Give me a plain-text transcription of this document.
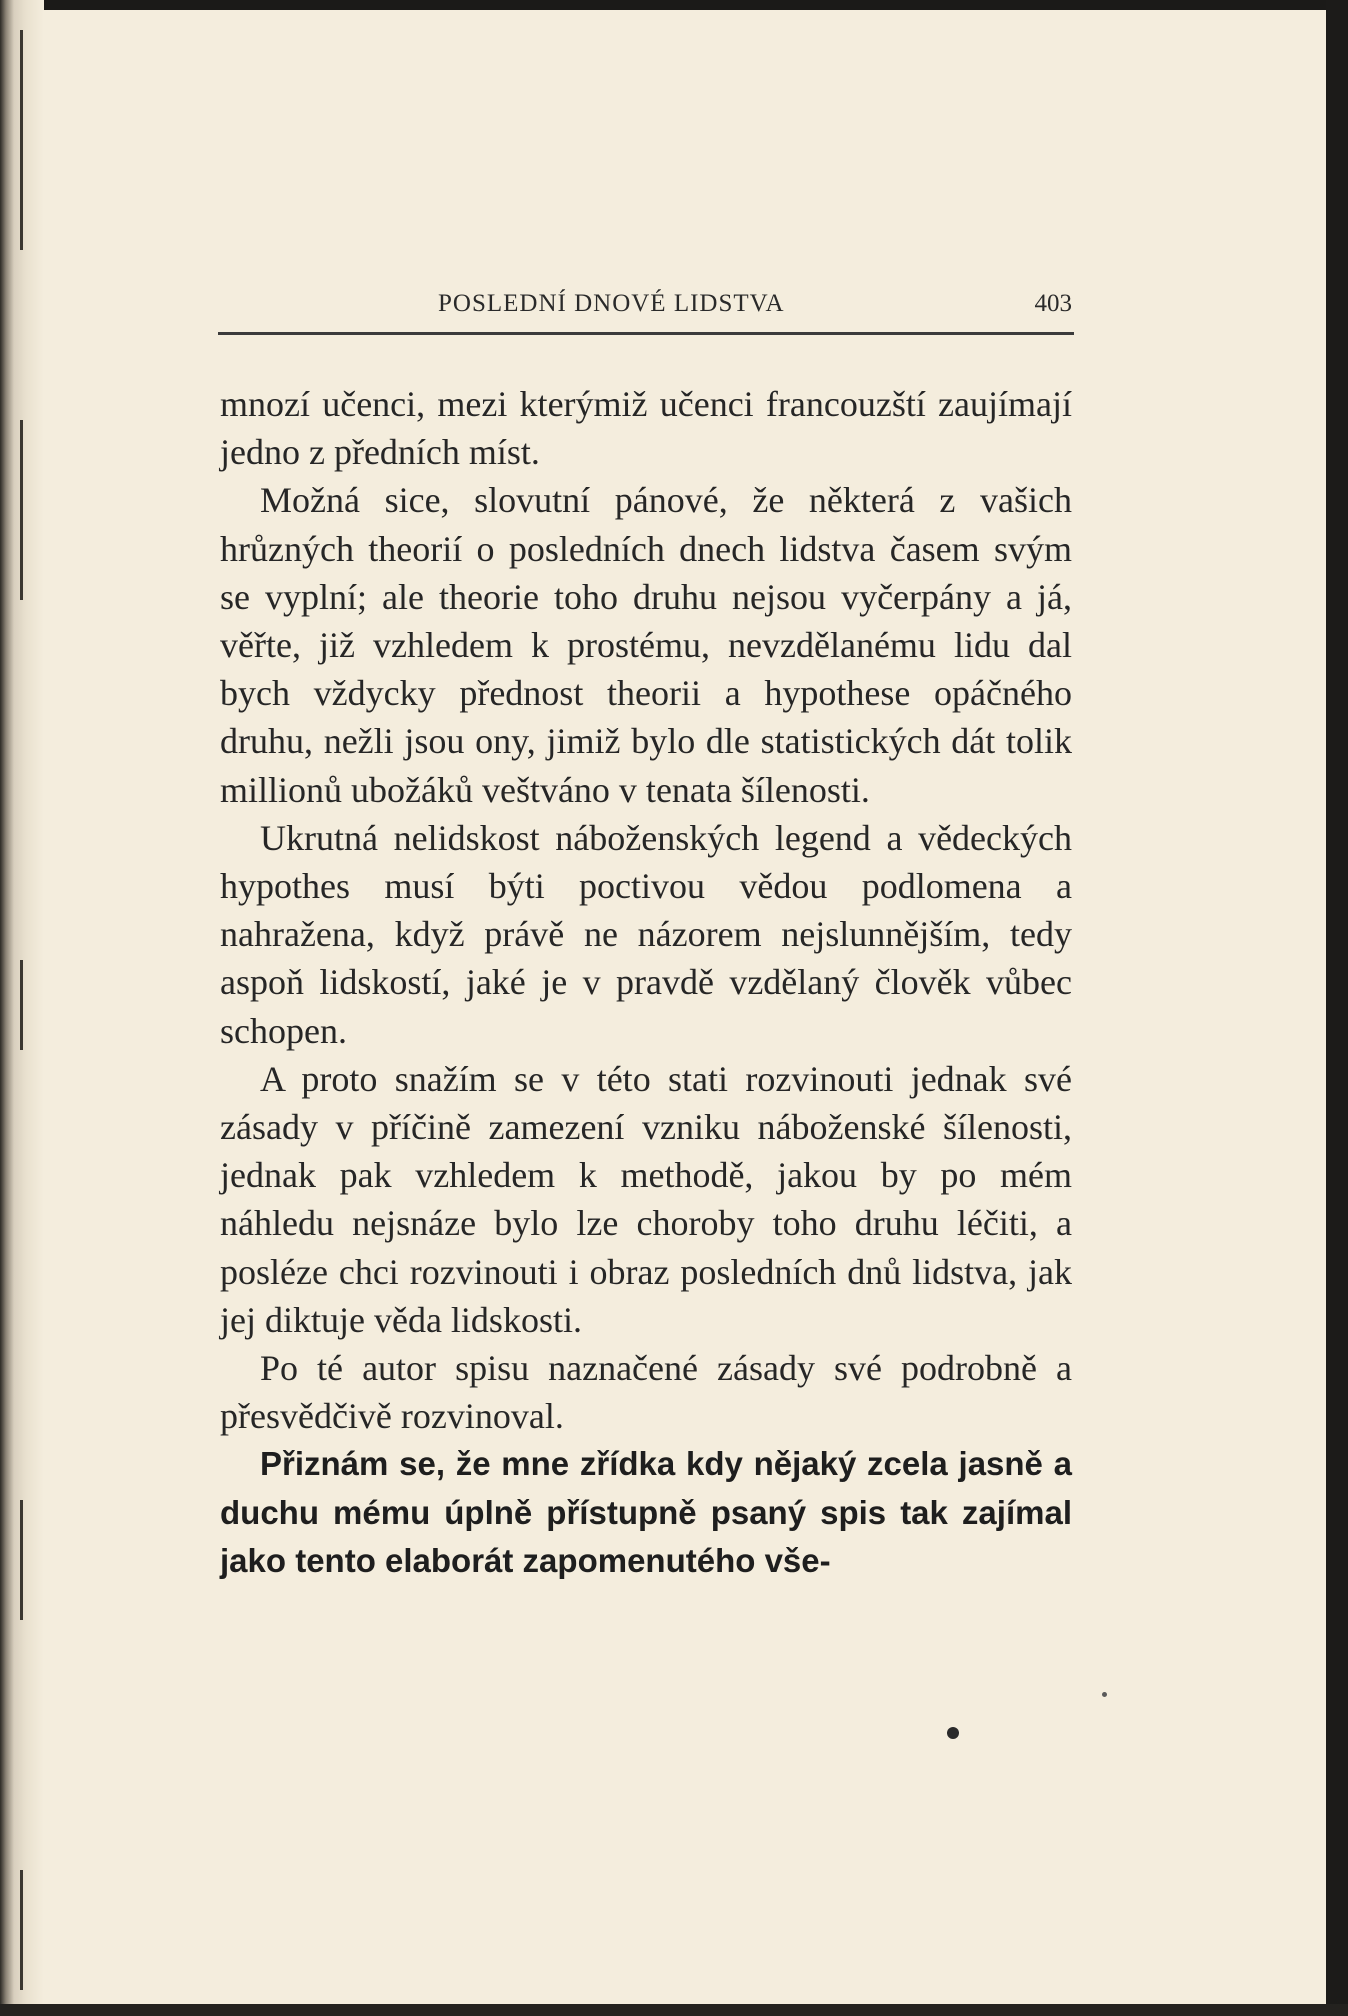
POSLEDNÍ DNOVÉ LIDSTVA	403

mnozí učenci, mezi kterýmiž učenci francouzští zaujímají jedno z předních míst.

Možná sice, slovutní pánové, že některá z vašich hrůzných theorií o posledních dnech lidstva časem svým se vyplní; ale theorie toho druhu nejsou vyčerpány a já, věřte, již vzhledem k prostému, nevzdělanému lidu dal bych vždycky přednost theorii a hypothese opáčného druhu, nežli jsou ony, jimiž bylo dle statistických dát tolik millionů ubožáků veštváno v tenata šílenosti.

Ukrutná nelidskost náboženských legend a vědeckých hypothes musí býti poctivou vědou podlomena a nahražena, když právě ne názorem nejslunnějším, tedy aspoň lidskostí, jaké je v pravdě vzdělaný člověk vůbec schopen.

A proto snažím se v této stati rozvinouti jednak své zásady v příčině zamezení vzniku náboženské šílenosti, jednak pak vzhledem k methodě, jakou by po mém náhledu nejsnáze bylo lze choroby toho druhu léčiti, a posléze chci rozvinouti i obraz posledních dnů lidstva, jak jej diktuje věda lidskosti.

Po té autor spisu naznačené zásady své podrobně a přesvědčivě rozvinoval.

Přiznám se, že mne zřídka kdy nějaký zcela jasně a duchu mému úplně přístupně psaný spis tak zajímal jako tento elaborát zapomenutého vše-
